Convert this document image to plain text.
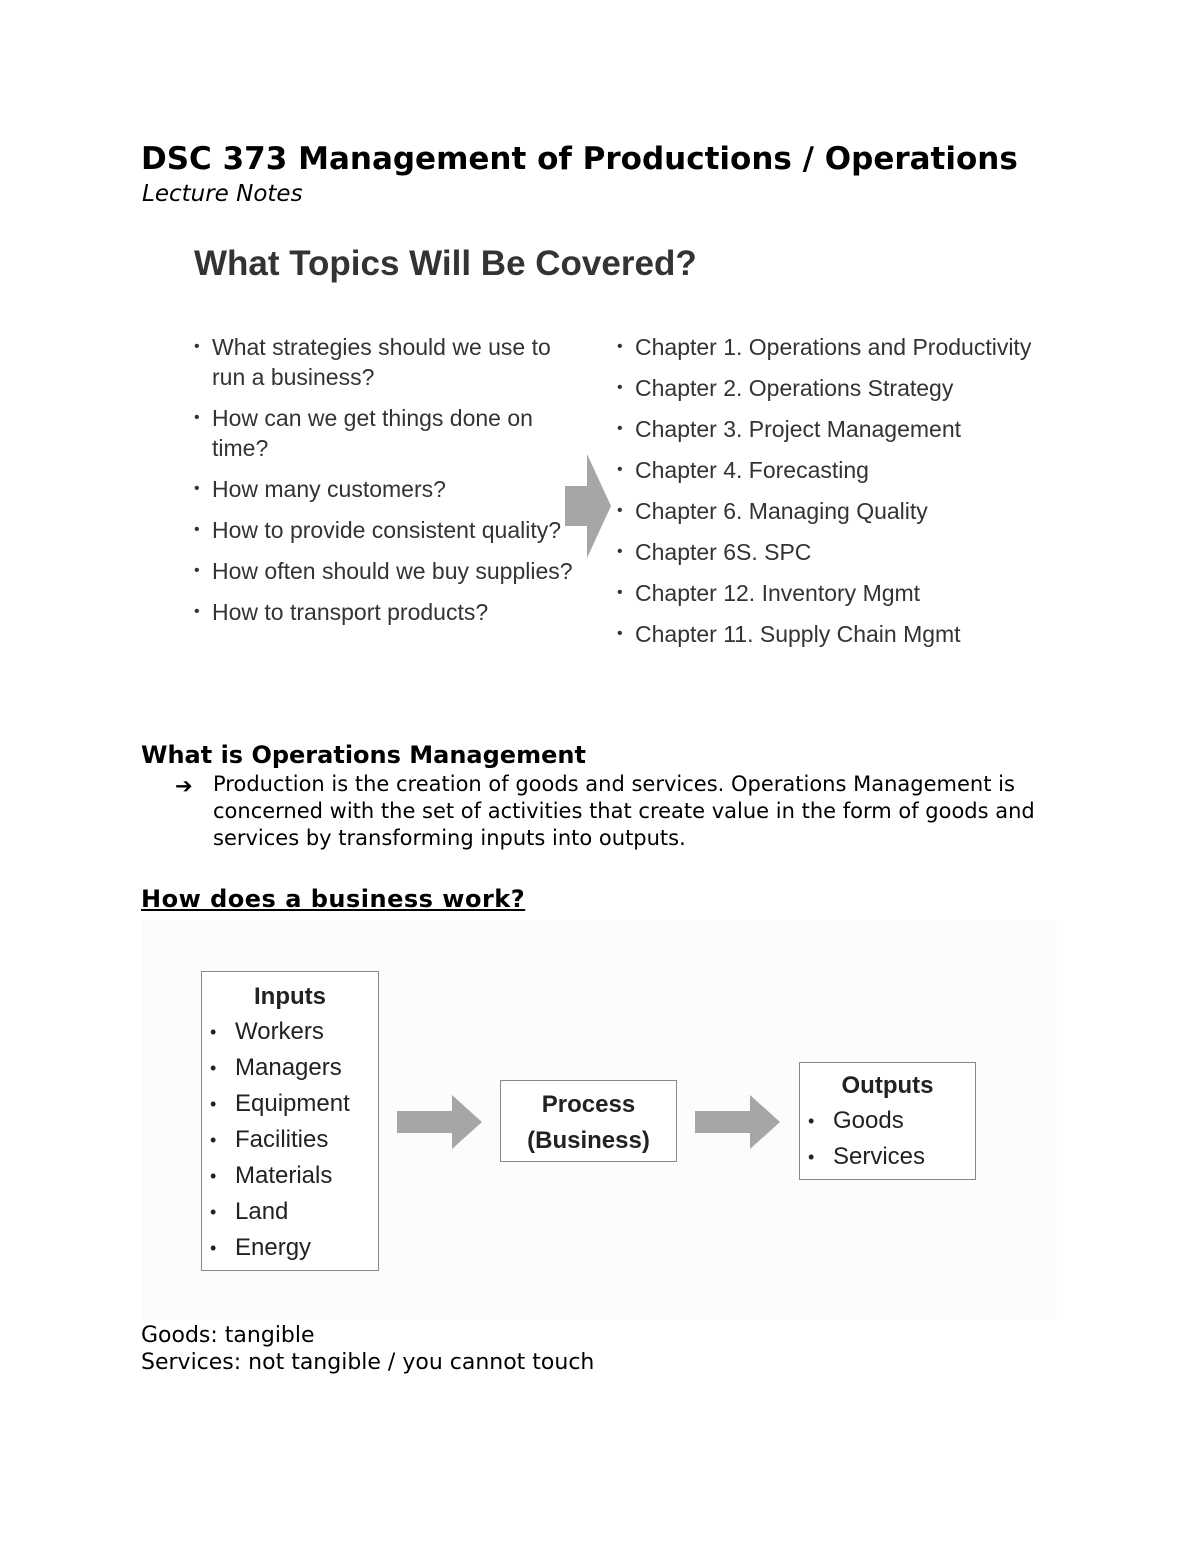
DSC 373 Management of Productions / Operations

Lecture Notes

What Topics Will Be Covered?
• What strategies should we use to run a business?
• How can we get things done on time?
• How many customers?
• How to provide consistent quality?
• How often should we buy supplies?
• How to transport products?
• Chapter 1. Operations and Productivity
• Chapter 2. Operations Strategy
• Chapter 3. Project Management
• Chapter 4. Forecasting
• Chapter 6. Managing Quality
• Chapter 6S. SPC
• Chapter 12. Inventory Mgmt
• Chapter 11. Supply Chain Mgmt
What is Operations Management
➔ Production is the creation of goods and services. Operations Management is concerned with the set of activities that create value in the form of goods and services by transforming inputs into outputs.

How does a business work?
Inputs
• Workers
• Managers
• Equipment
• Facilities
• Materials
• Land
• Energy
Process
(Business)
Outputs
• Goods
• Services

Goods: tangible

Services: not tangible / you cannot touch
